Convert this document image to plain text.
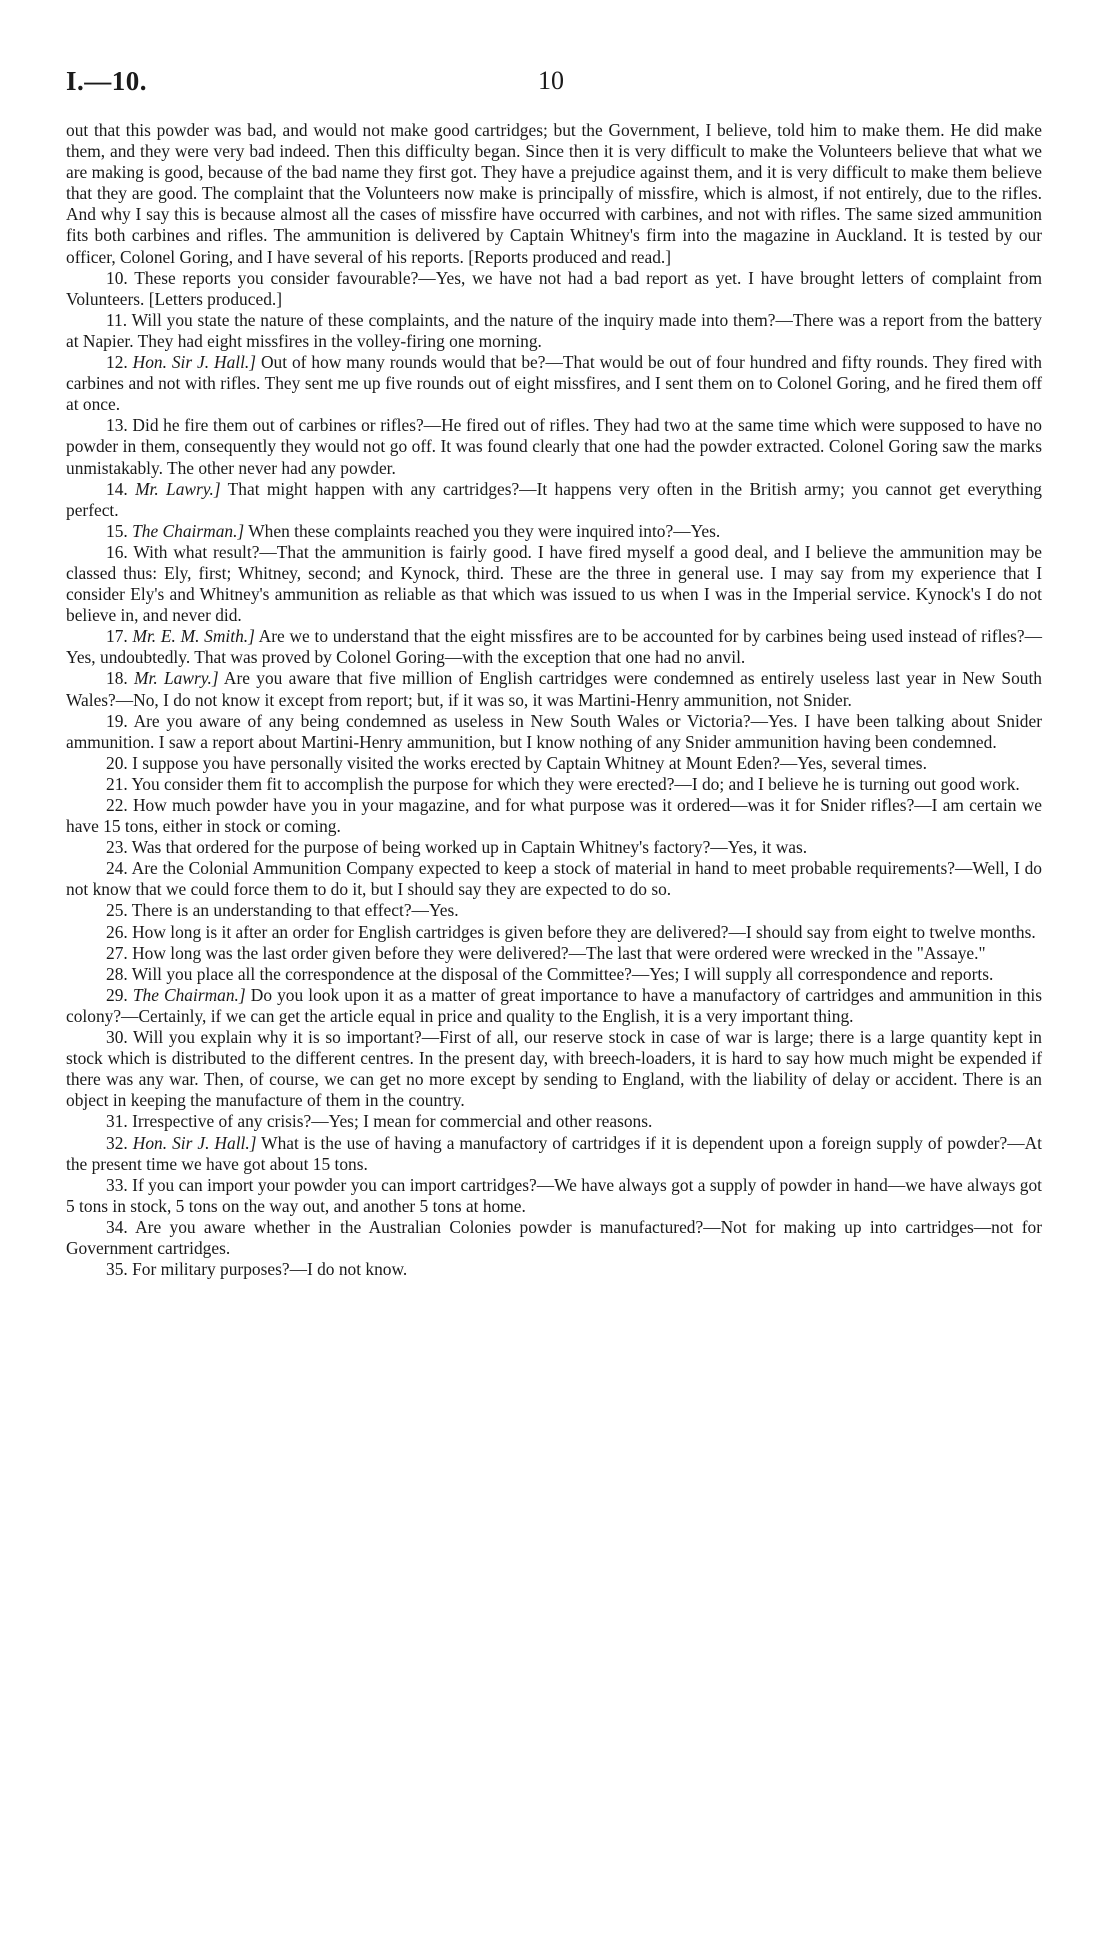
I.—10.	10

out that this powder was bad, and would not make good cartridges; but the Government, I believe, told him to make them. He did make them, and they were very bad indeed. Then this difficulty began. Since then it is very difficult to make the Volunteers believe that what we are making is good, because of the bad name they first got. They have a prejudice against them, and it is very difficult to make them believe that they are good. The complaint that the Volunteers now make is principally of missfire, which is almost, if not entirely, due to the rifles. And why I say this is because almost all the cases of missfire have occurred with carbines, and not with rifles. The same sized ammunition fits both carbines and rifles. The ammunition is delivered by Captain Whitney's firm into the magazine in Auckland. It is tested by our officer, Colonel Goring, and I have several of his reports. [Reports produced and read.]

10. These reports you consider favourable?—Yes, we have not had a bad report as yet. I have brought letters of complaint from Volunteers. [Letters produced.]

11. Will you state the nature of these complaints, and the nature of the inquiry made into them?—There was a report from the battery at Napier. They had eight missfires in the volley-firing one morning.

12. Hon. Sir J. Hall.] Out of how many rounds would that be?—That would be out of four hundred and fifty rounds. They fired with carbines and not with rifles. They sent me up five rounds out of eight missfires, and I sent them on to Colonel Goring, and he fired them off at once.

13. Did he fire them out of carbines or rifles?—He fired out of rifles. They had two at the same time which were supposed to have no powder in them, consequently they would not go off. It was found clearly that one had the powder extracted. Colonel Goring saw the marks unmistakably. The other never had any powder.

14. Mr. Lawry.] That might happen with any cartridges?—It happens very often in the British army; you cannot get everything perfect.

15. The Chairman.] When these complaints reached you they were inquired into?—Yes.

16. With what result?—That the ammunition is fairly good. I have fired myself a good deal, and I believe the ammunition may be classed thus: Ely, first; Whitney, second; and Kynock, third. These are the three in general use. I may say from my experience that I consider Ely's and Whitney's ammunition as reliable as that which was issued to us when I was in the Imperial service. Kynock's I do not believe in, and never did.

17. Mr. E. M. Smith.] Are we to understand that the eight missfires are to be accounted for by carbines being used instead of rifles?—Yes, undoubtedly. That was proved by Colonel Goring—with the exception that one had no anvil.

18. Mr. Lawry.] Are you aware that five million of English cartridges were condemned as entirely useless last year in New South Wales?—No, I do not know it except from report; but, if it was so, it was Martini-Henry ammunition, not Snider.

19. Are you aware of any being condemned as useless in New South Wales or Victoria?—Yes. I have been talking about Snider ammunition. I saw a report about Martini-Henry ammunition, but I know nothing of any Snider ammunition having been condemned.

20. I suppose you have personally visited the works erected by Captain Whitney at Mount Eden?—Yes, several times.

21. You consider them fit to accomplish the purpose for which they were erected?—I do; and I believe he is turning out good work.

22. How much powder have you in your magazine, and for what purpose was it ordered—was it for Snider rifles?—I am certain we have 15 tons, either in stock or coming.

23. Was that ordered for the purpose of being worked up in Captain Whitney's factory?—Yes, it was.

24. Are the Colonial Ammunition Company expected to keep a stock of material in hand to meet probable requirements?—Well, I do not know that we could force them to do it, but I should say they are expected to do so.

25. There is an understanding to that effect?—Yes.

26. How long is it after an order for English cartridges is given before they are delivered?—I should say from eight to twelve months.

27. How long was the last order given before they were delivered?—The last that were ordered were wrecked in the "Assaye."

28. Will you place all the correspondence at the disposal of the Committee?—Yes; I will supply all correspondence and reports.

29. The Chairman.] Do you look upon it as a matter of great importance to have a manufactory of cartridges and ammunition in this colony?—Certainly, if we can get the article equal in price and quality to the English, it is a very important thing.

30. Will you explain why it is so important?—First of all, our reserve stock in case of war is large; there is a large quantity kept in stock which is distributed to the different centres. In the present day, with breech-loaders, it is hard to say how much might be expended if there was any war. Then, of course, we can get no more except by sending to England, with the liability of delay or accident. There is an object in keeping the manufacture of them in the country.

31. Irrespective of any crisis?—Yes; I mean for commercial and other reasons.

32. Hon. Sir J. Hall.] What is the use of having a manufactory of cartridges if it is dependent upon a foreign supply of powder?—At the present time we have got about 15 tons.

33. If you can import your powder you can import cartridges?—We have always got a supply of powder in hand—we have always got 5 tons in stock, 5 tons on the way out, and another 5 tons at home.

34. Are you aware whether in the Australian Colonies powder is manufactured?—Not for making up into cartridges—not for Government cartridges.

35. For military purposes?—I do not know.
